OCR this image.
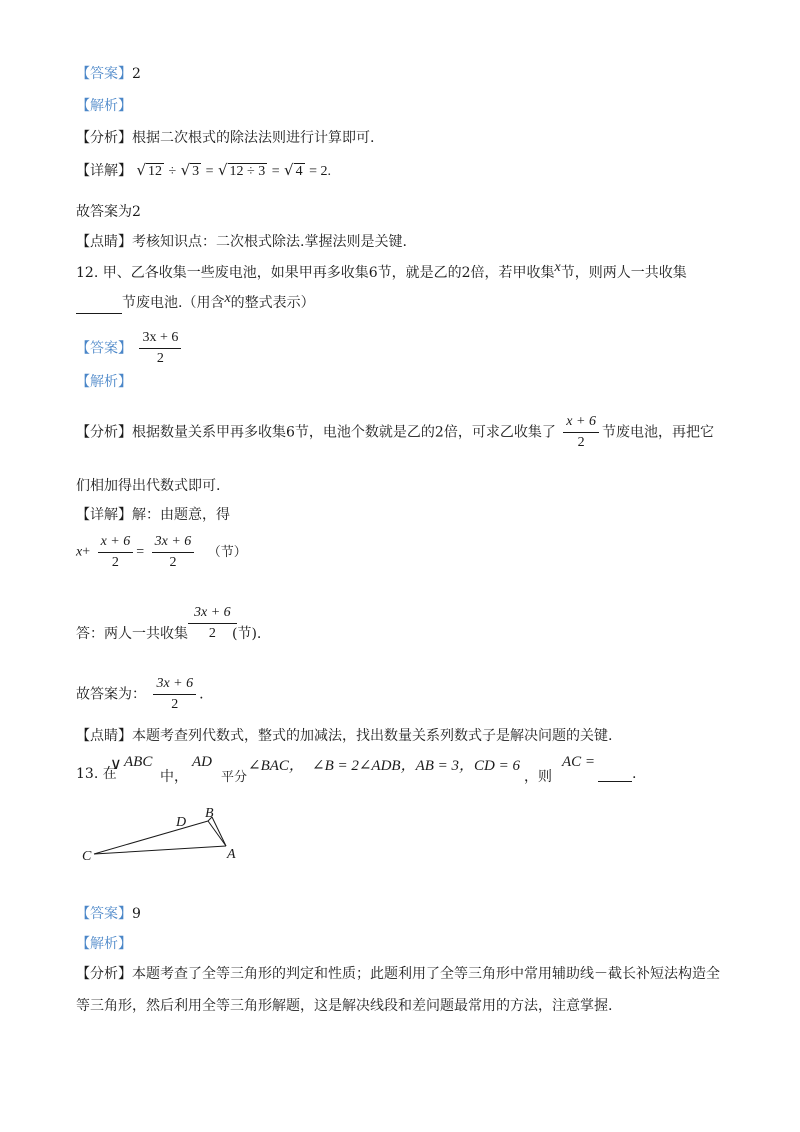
【答案】2
【解析】
【分析】根据二次根式的除法法则进行计算即可.
【详解】 √ 12 ÷ √ 3 = √ 12 ÷ 3 = √ 4 = 2.
故答案为2
【点睛】考核知识点：二次根式除法.掌握法则是关键.
12. 甲、乙各收集一些废电池，如果甲再多收集6节，就是乙的2倍，若甲收集x节，则两人一共收集
节废电池.（用含x的整式表示）
【答案】 $\frac{3x + 6}{2}$
【解析】
【分析】根据数量关系甲再多收集6节，电池个数就是乙的2倍，可求乙收集了 $\frac{x + 6}{2}$ 节废电池，再把它
们相加得出代数式即可.
【详解】解：由题意，得
$x+ \frac{x + 6}{2} = \frac{3x + 6}{2}$ （节）
$\frac{3x + 6}{2}$
答：两人一共收集	(节).
故答案为： $\frac{3x + 6}{2}$ .
【点睛】本题考查列代数式，整式的加减法，找出数量关系列数式子是解决问题的关键.
13. 在
∨ ABC
中，
AD
平分
∠BAC， ∠B = 2∠ADB，AB = 3，CD = 6
，则
AC =
.
D
B
C	A
【答案】9
【解析】
【分析】本题考查了全等三角形的判定和性质；此题利用了全等三角形中常用辅助线－截长补短法构造全
等三角形，然后利用全等三角形解题，这是解决线段和差问题最常用的方法，注意掌握.
